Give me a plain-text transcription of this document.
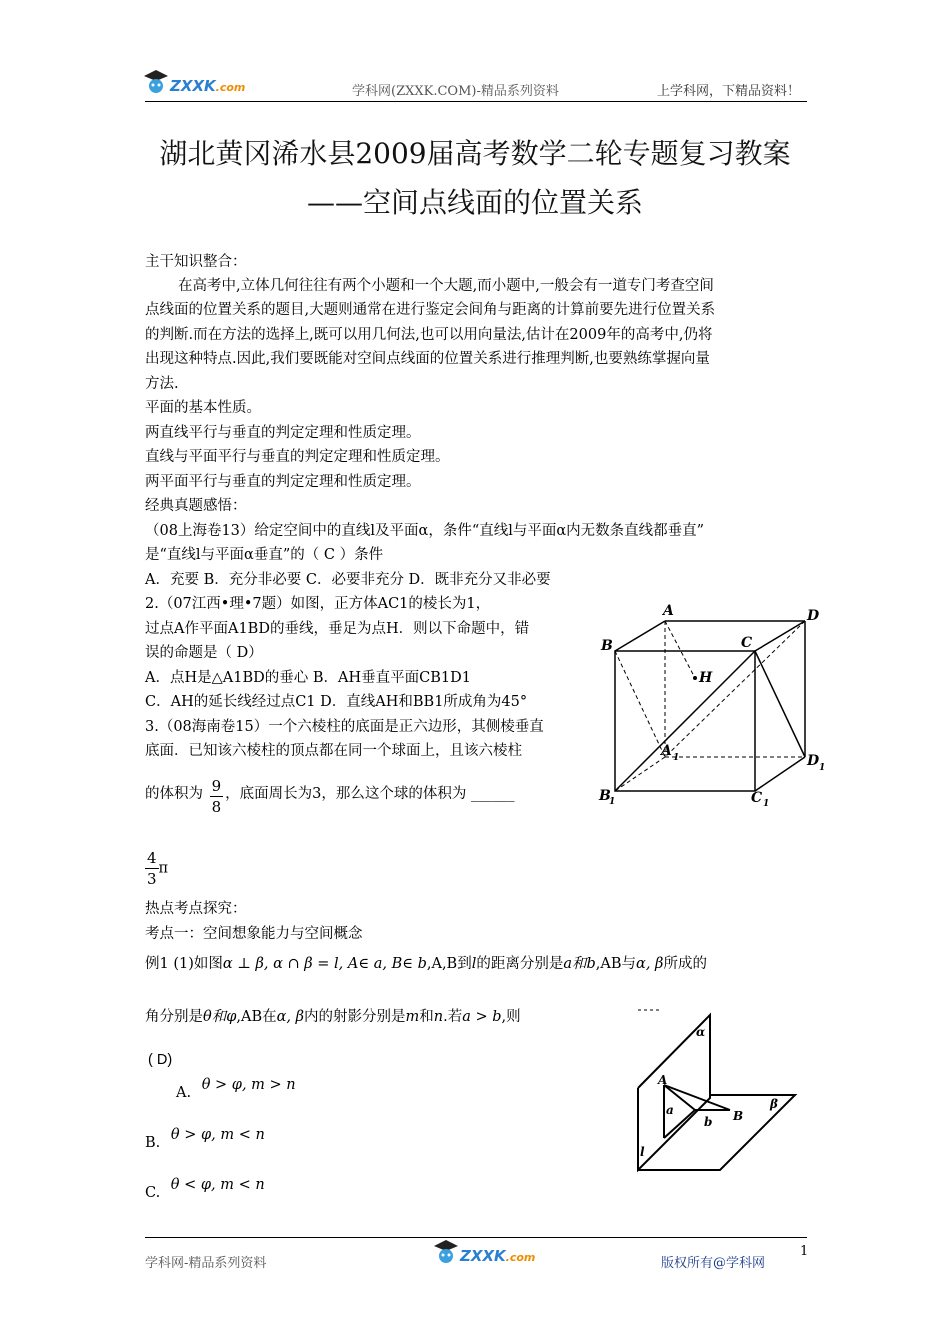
ZXXK.com	学科网(ZXXK.COM)-精品系列资料	上学科网，下精品资料！
湖北黄冈浠水县2009届高考数学二轮专题复习教案
——空间点线面的位置关系
主干知识整合：
在高考中,立体几何往往有两个小题和一个大题,而小题中,一般会有一道专门考查空间
点线面的位置关系的题目,大题则通常在进行鉴定会间角与距离的计算前要先进行位置关系
的判断.而在方法的选择上,既可以用几何法,也可以用向量法,估计在2009年的高考中,仍将
出现这种特点.因此,我们要既能对空间点线面的位置关系进行推理判断,也要熟练掌握向量
方法.
平面的基本性质。
两直线平行与垂直的判定定理和性质定理。
直线与平面平行与垂直的判定定理和性质定理。
两平面平行与垂直的判定定理和性质定理。
经典真题感悟：
（08上海卷13）给定空间中的直线l及平面α，条件“直线l与平面α内无数条直线都垂直”
是“直线l与平面α垂直”的（ C ）条件
A．充要 B．充分非必要 C．必要非充分 D．既非充分又非必要
2.（07江西•理•7题）如图，正方体AC1的棱长为1，
过点A作平面A1BD的垂线，垂足为点H．则以下命题中，错
误的命题是（ D）
A．点H是△A1BD的垂心 B．AH垂直平面CB1D1
C．AH的延长线经过点C1 D．直线AH和BB1所成角为45°
3.（08海南卷15）一个六棱柱的底面是正六边形，其侧棱垂直
底面．已知该六棱柱的顶点都在同一个球面上，且该六棱柱
的体积为 $\frac{9}{8}$ ，底面周长为3，那么这个球的体积为 ______
$\frac{4}{3}$ π
热点考点探究：
考点一：空间想象能力与空间概念
例1 (1)如图α ⊥ β, α ∩ β = l, A∈ a, B∈ b,A,B到l的距离分别是a和b,AB与α, β所成的
角分别是θ和φ,AB在α, β内的射影分别是m和n.若a > b,则
( D)
A. θ > φ, m > n
B. θ > φ, m < n
C. θ < φ, m < n
A	D
B	C
H
A 1	D 1
B
1	C 1
α
A
a	B
b
β
l
学科网-精品系列资料	ZXXK.com	版权所有@学科网
1
